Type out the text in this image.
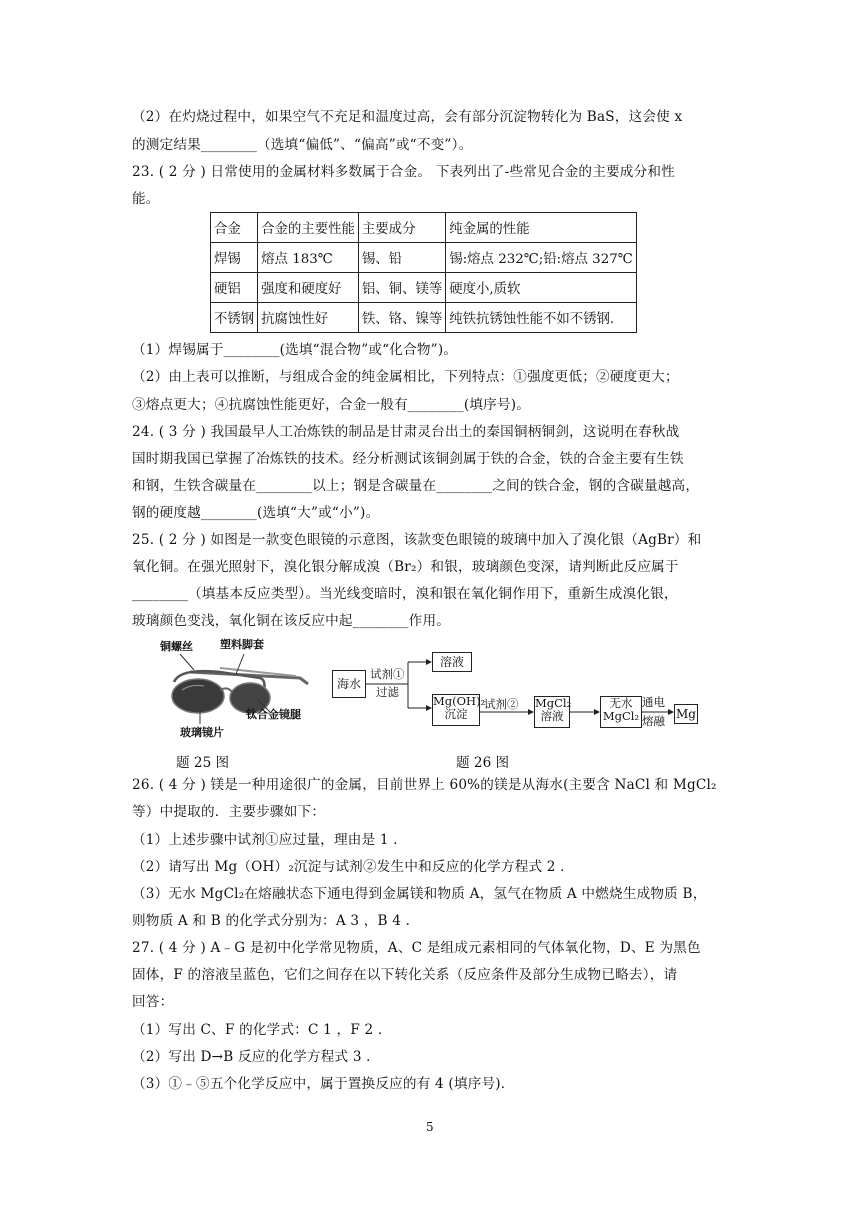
（2）在灼烧过程中，如果空气不充足和温度过高，会有部分沉淀物转化为 BaS，这会使 x
的测定结果________（选填“偏低”、“偏高”或“不变”）。
23. ( 2 分 ) 日常使用的金属材料多数属于合金。 下表列出了-些常见合金的主要成分和性
能。
合金	合金的主要性能	主要成分	纯金属的性能
焊锡	熔点 183℃	锡、铅	锡:熔点 232℃;铅:熔点 327℃
硬铝	强度和硬度好	铝、铜、镁等	硬度小,质软
不锈钢	抗腐蚀性好	铁、铬、镍等	纯铁抗锈蚀性能不如不锈钢.
（1）焊锡属于________(选填“混合物”或“化合物”)。
（2）由上表可以推断，与组成合金的纯金属相比，下列特点：①强度更低；②硬度更大；
③熔点更大；④抗腐蚀性能更好，合金一般有________(填序号)。
24. ( 3 分 ) 我国最早人工冶炼铁的制品是甘肃灵台出土的秦国铜柄铜剑，这说明在春秋战
国时期我国已掌握了冶炼铁的技术。经分析测试该铜剑属于铁的合金，铁的合金主要有生铁
和钢，生铁含碳量在________以上；钢是含碳量在________之间的铁合金，钢的含碳量越高，
钢的硬度越________(选填“大”或“小”)。
25. ( 2 分 ) 如图是一款变色眼镜的示意图，该款变色眼镜的玻璃中加入了溴化银（AgBr）和
氧化铜。在强光照射下，溴化银分解成溴（Br₂）和银，玻璃颜色变深，请判断此反应属于
________（填基本反应类型）。当光线变暗时，溴和银在氧化铜作用下，重新生成溴化银，
玻璃颜色变浅，氧化铜在该反应中起________作用。
铜螺丝 塑料脚套
钛合金镜腿
玻璃镜片
题 25 图
海水
试剂①
过滤
溶液
Mg(OH)₂
沉淀
试剂② MgCl₂
溶液
无水
MgCl₂
通电
熔融 Mg
题 26 图
26. ( 4 分 ) 镁是一种用途很广的金属，目前世界上 60%的镁是从海水(主要含 NaCl 和 MgCl₂
等）中提取的．主要步骤如下：
（1）上述步骤中试剂①应过量，理由是 1 ．
（2）请写出 Mg（OH）₂沉淀与试剂②发生中和反应的化学方程式 2 ．
（3）无水 MgCl₂在熔融状态下通电得到金属镁和物质 A，氢气在物质 A 中燃烧生成物质 B，
则物质 A 和 B 的化学式分别为：A 3 ，B 4 ．
27. ( 4 分 ) A﹣G 是初中化学常见物质，A、C 是组成元素相同的气体氧化物，D、E 为黑色
固体，F 的溶液呈蓝色，它们之间存在以下转化关系（反应条件及部分生成物已略去），请
回答：
（1）写出 C、F 的化学式：C 1 ，F 2 ．
（2）写出 D→B 反应的化学方程式 3 ．
（3）①﹣⑤五个化学反应中，属于置换反应的有 4 (填序号)．
5
